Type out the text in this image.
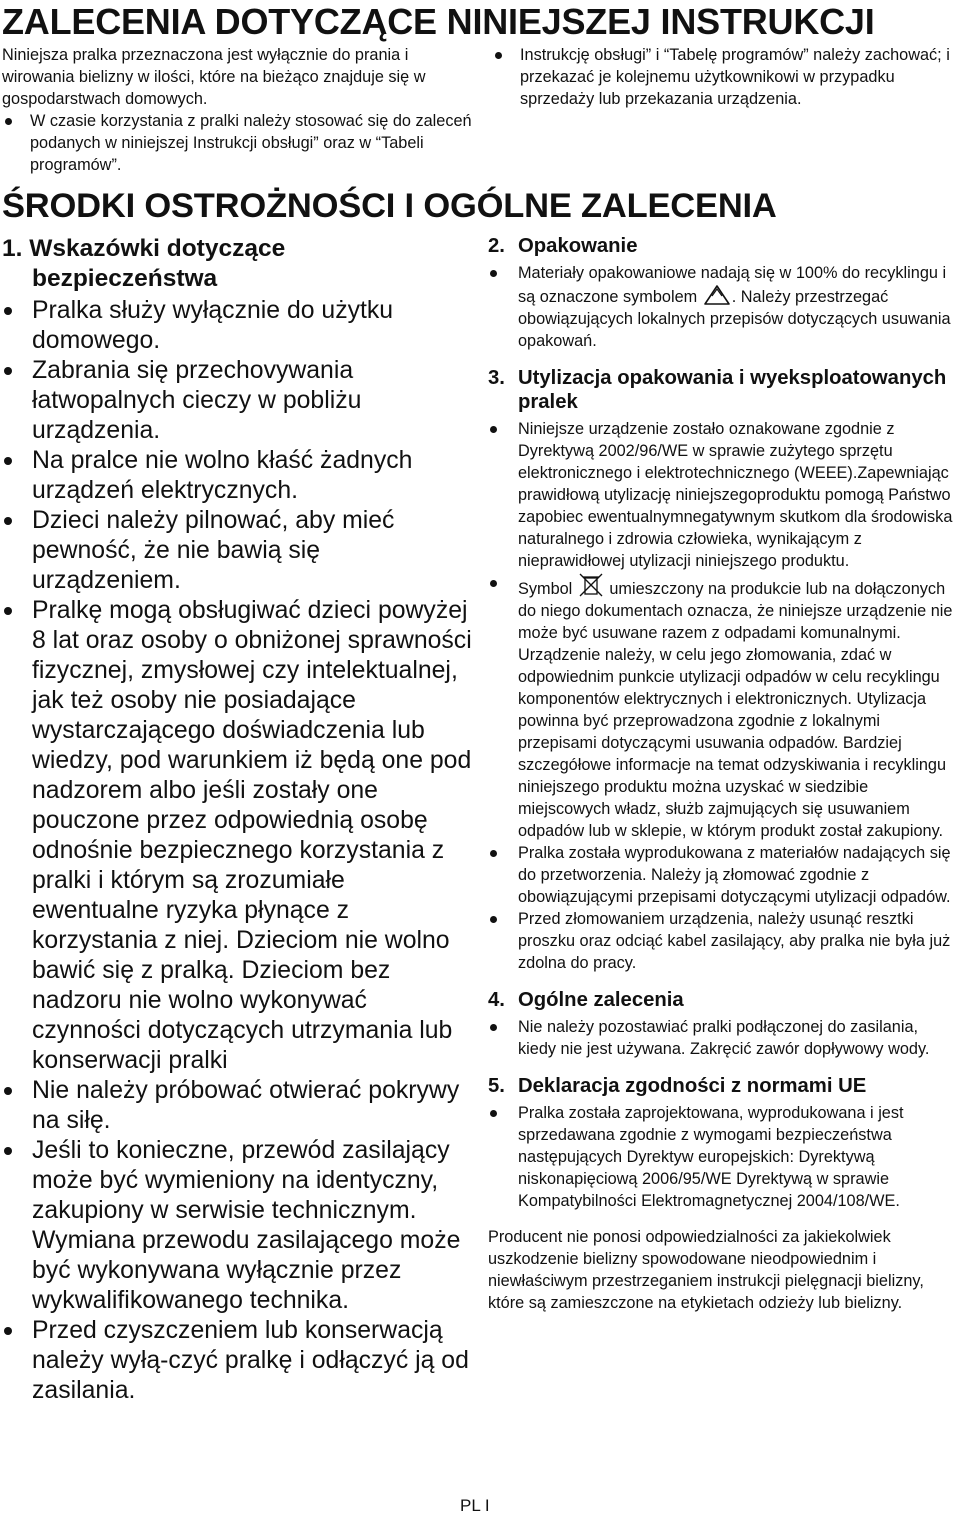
ZALECENIA DOTYCZĄCE NINIEJSZEJ INSTRUKCJI

Niniejsza pralka przeznaczona jest wyłącznie do prania i wirowania bielizny w ilości, które na bieżąco znajduje się w gospodarstwach domowych.

W czasie korzystania z pralki należy stosować się do zaleceń podanych w niniejszej Instrukcji obsługi” oraz w “Tabeli programów”.
Instrukcję obsługi” i “Tabelę programów” należy zachować; i przekazać je kolejnemu użytkownikowi w przypadku sprzedaży lub przekazania urządzenia.
ŚRODKI OSTROŻNOŚCI I OGÓLNE ZALECENIA
1. Wskazówki dotyczące bezpieczeństwa
Pralka służy wyłącznie do użytku domowego.
Zabrania się przechovywania łatwopalnych cieczy w pobliżu urządzenia.
Na pralce nie wolno kłaść żadnych urządzeń elektrycznych.
Dzieci należy pilnować, aby mieć pewność, że nie bawią się urządzeniem.
Pralkę mogą obsługiwać dzieci powyżej 8 lat oraz osoby o obniżonej sprawności fizycznej, zmysłowej czy intelektualnej, jak też osoby nie posiadające wystarczającego doświadczenia lub wiedzy, pod warunkiem iż będą one pod nadzorem albo jeśli zostały one pouczone przez odpowiednią osobę odnośnie bezpiecznego korzystania z pralki i którym są zrozumiałe ewentualne ryzyka płynące z korzystania z niej. Dzieciom nie wolno bawić się z pralką. Dzieciom bez nadzoru nie wolno wykonywać czynności dotyczących utrzymania lub konserwacji pralki
Nie należy próbować otwierać pokrywy na siłę.
Jeśli to konieczne, przewód zasilający może być wymieniony na identyczny, zakupiony w serwisie technicznym. Wymiana przewodu zasilającego może być wykonywana wyłącznie przez wykwalifikowanego technika.
Przed czyszczeniem lub konserwacją należy wyłą-czyć pralkę i odłączyć ją od zasilania.
2. Opakowanie
Materiały opakowaniowe nadają się w 100% do recyklingu i są oznaczone symbolem . Należy przestrzegać obowiązujących lokalnych przepisów dotyczących usuwania opakowań.
3. Utylizacja opakowania i wyeksploatowanych pralek
Niniejsze urządzenie zostało oznakowane zgodnie z Dyrektywą 2002/96/WE w sprawie zużytego sprzętu elektronicznego i elektrotechnicznego (WEEE).Zapewniając prawidłową utylizację niniejszegoproduktu pomogą Państwo zapobiec ewentualnymnegatywnym skutkom dla środowiska naturalnego i zdrowia człowieka, wynikającym z nieprawidłowej utylizacji niniejszego produktu.
Symbol umieszczony na produkcie lub na dołączonych do niego dokumentach oznacza, że niniejsze urządzenie nie może być usuwane razem z odpadami komunalnymi. Urządzenie należy, w celu jego złomowania, zdać w odpowiednim punkcie utylizacji odpadów w celu recyklingu komponentów elektrycznych i elektronicznych. Utylizacja powinna być przeprowadzona zgodnie z lokalnymi przepisami dotyczącymi usuwania odpadów. Bardziej szczegółowe informacje na temat odzyskiwania i recyklingu niniejszego produktu można uzyskać w siedzibie miejscowych władz, służb zajmujących się usuwaniem odpadów lub w sklepie, w którym produkt został zakupiony.
Pralka została wyprodukowana z materiałów nadających się do przetworzenia. Należy ją złomować zgodnie z obowiązującymi przepisami dotyczącymi utylizacji odpadów.
Przed złomowaniem urządzenia, należy usunąć resztki proszku oraz odciąć kabel zasilający, aby pralka nie była już zdolna do pracy.
4. Ogólne zalecenia
Nie należy pozostawiać pralki podłączonej do zasilania, kiedy nie jest używana. Zakręcić zawór dopływowy wody.
5. Deklaracja zgodności z normami UE
Pralka została zaprojektowana, wyprodukowana i jest sprzedawana zgodnie z wymogami bezpieczeństwa następujących Dyrektyw europejskich: Dyrektywą niskonapięciową 2006/95/WE Dyrektywą w sprawie Kompatybilności Elektromagnetycznej 2004/108/WE.

Producent nie ponosi odpowiedzialności za jakiekolwiek uszkodzenie bielizny spowodowane nieodpowiednim i niewłaściwym przestrzeganiem instrukcji pielęgnacji bielizny, które są zamieszczone na etykietach odzieży lub bielizny.

PL I
